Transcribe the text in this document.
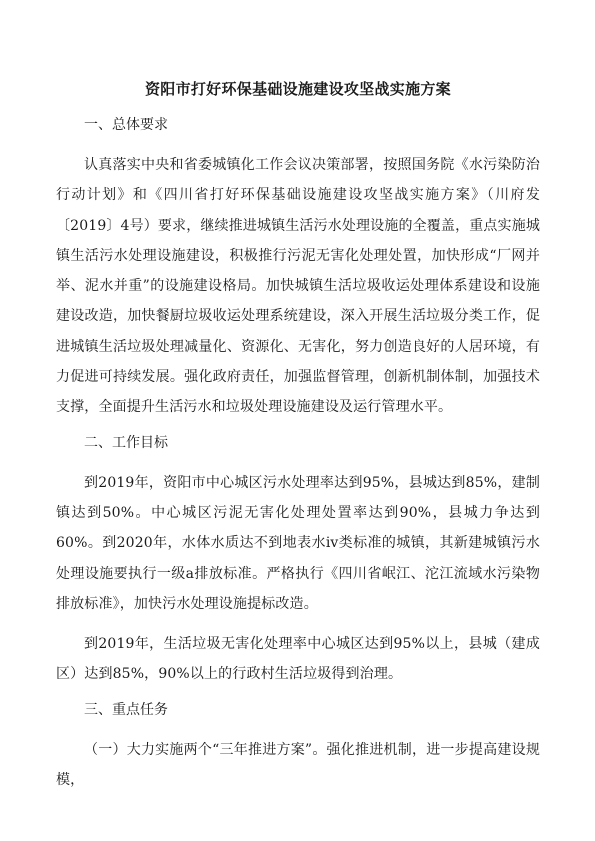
资阳市打好环保基础设施建设攻坚战实施方案
一、总体要求
认真落实中央和省委城镇化工作会议决策部署，按照国务院《水污染防治行动计划》和《四川省打好环保基础设施建设攻坚战实施方案》（川府发〔2019〕4号）要求，继续推进城镇生活污水处理设施的全覆盖，重点实施城镇生活污水处理设施建设，积极推行污泥无害化处理处置，加快形成“厂网并举、泥水并重”的设施建设格局。加快城镇生活垃圾收运处理体系建设和设施建设改造，加快餐厨垃圾收运处理系统建设，深入开展生活垃圾分类工作，促进城镇生活垃圾处理减量化、资源化、无害化，努力创造良好的人居环境，有力促进可持续发展。强化政府责任，加强监督管理，创新机制体制，加强技术支撑，全面提升生活污水和垃圾处理设施建设及运行管理水平。
二、工作目标
到2019年，资阳市中心城区污水处理率达到95%，县城达到85%，建制镇达到50%。中心城区污泥无害化处理处置率达到90%，县城力争达到60%。到2020年，水体水质达不到地表水ⅳ类标准的城镇，其新建城镇污水处理设施要执行一级a排放标准。严格执行《四川省岷江、沱江流域水污染物排放标准》，加快污水处理设施提标改造。
到2019年，生活垃圾无害化处理率中心城区达到95%以上，县城（建成区）达到85%，90%以上的行政村生活垃圾得到治理。
三、重点任务
（一）大力实施两个“三年推进方案”。强化推进机制，进一步提高建设规模，
